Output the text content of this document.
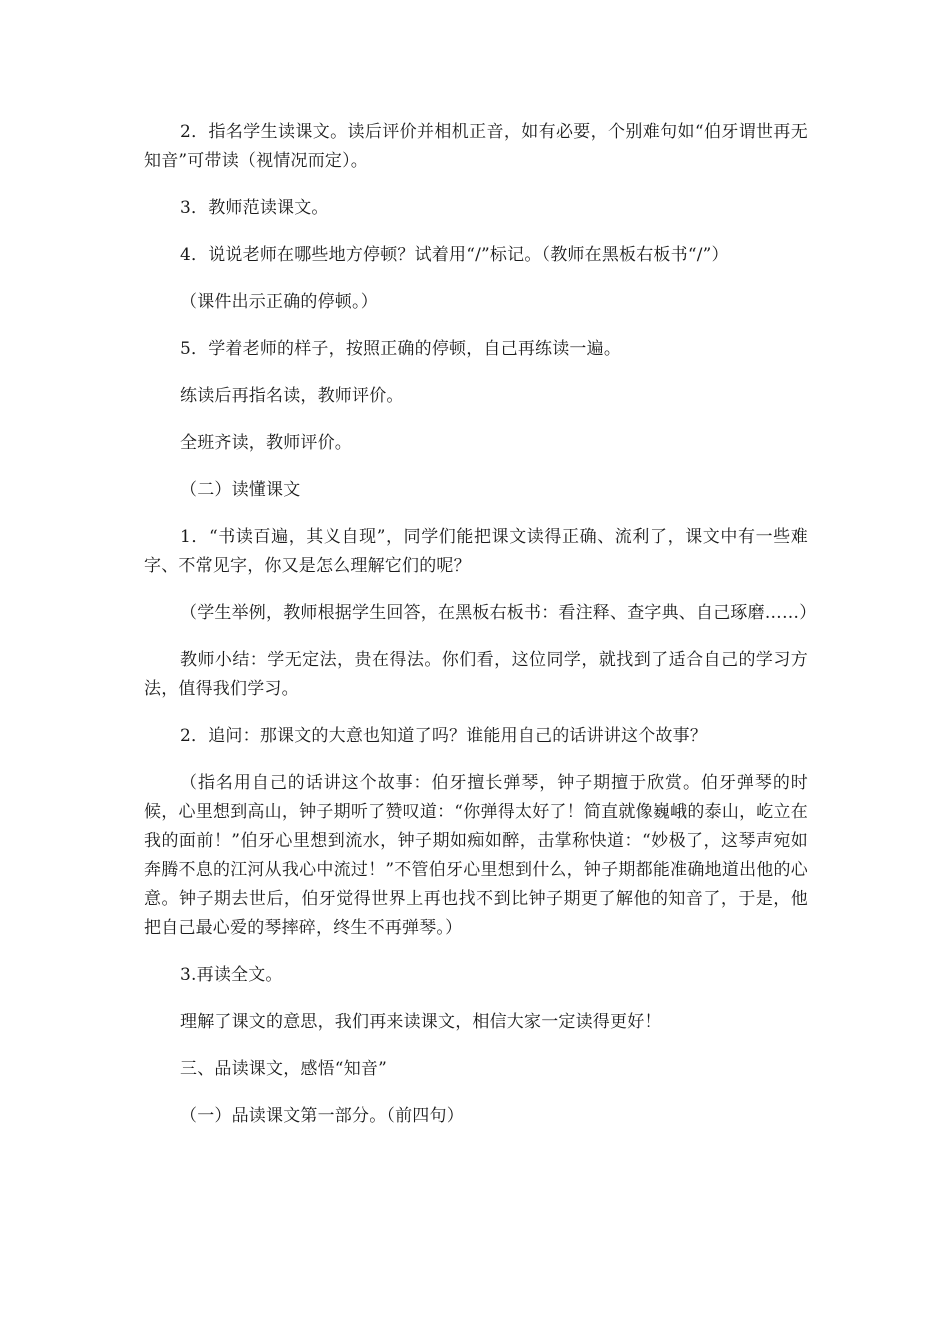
2．指名学生读课文。读后评价并相机正音，如有必要，个别难句如“伯牙谓世再无知音”可带读（视情况而定）。

3．教师范读课文。

4．说说老师在哪些地方停顿？试着用“/”标记。（教师在黑板右板书“/”）

（课件出示正确的停顿。）

5．学着老师的样子，按照正确的停顿，自己再练读一遍。

练读后再指名读，教师评价。

全班齐读，教师评价。

（二）读懂课文

1．“书读百遍，其义自现”，同学们能把课文读得正确、流利了，课文中有一些难字、不常见字，你又是怎么理解它们的呢？

（学生举例，教师根据学生回答，在黑板右板书：看注释、查字典、自己琢磨……）

教师小结：学无定法，贵在得法。你们看，这位同学，就找到了适合自己的学习方法，值得我们学习。

2．追问：那课文的大意也知道了吗？谁能用自己的话讲讲这个故事？

（指名用自己的话讲这个故事：伯牙擅长弹琴，钟子期擅于欣赏。伯牙弹琴的时候，心里想到高山，钟子期听了赞叹道：“你弹得太好了！简直就像巍峨的泰山，屹立在我的面前！”伯牙心里想到流水，钟子期如痴如醉，击掌称快道：“妙极了，这琴声宛如奔腾不息的江河从我心中流过！”不管伯牙心里想到什么，钟子期都能准确地道出他的心意。钟子期去世后，伯牙觉得世界上再也找不到比钟子期更了解他的知音了，于是，他把自己最心爱的琴摔碎，终生不再弹琴。）

3.再读全文。

理解了课文的意思，我们再来读课文，相信大家一定读得更好！

三、品读课文，感悟“知音”

（一）品读课文第一部分。（前四句）
